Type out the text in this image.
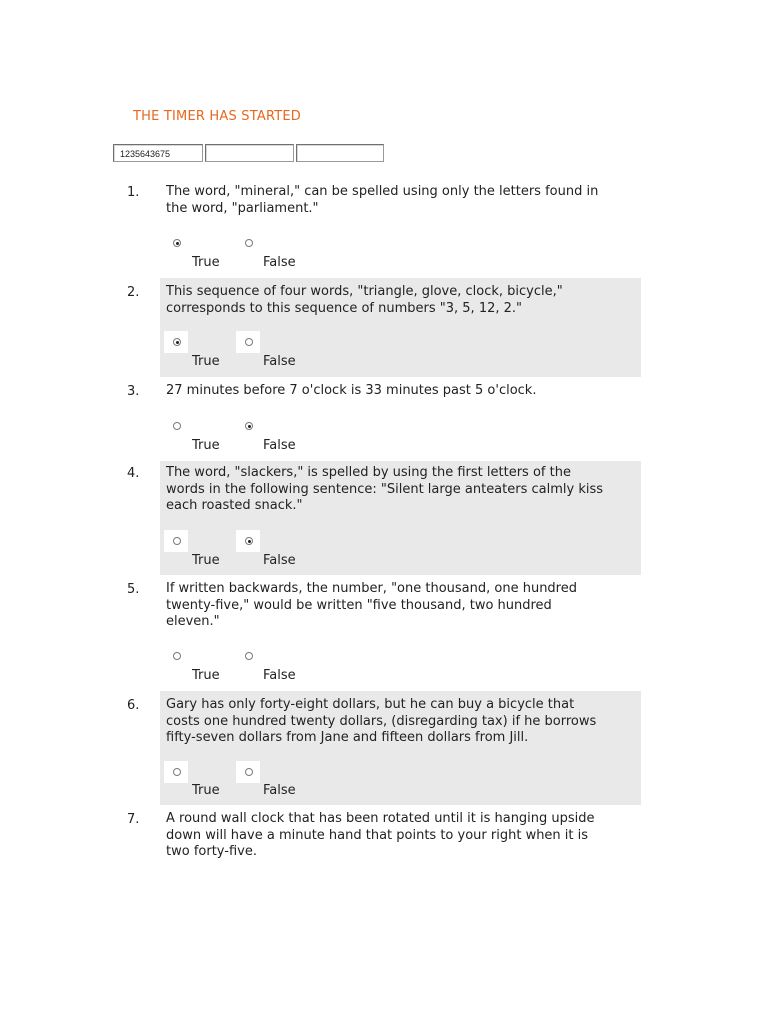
THE TIMER HAS STARTED
1235643675
1. The word, "mineral," can be spelled using only the letters found in
the word, "parliament."
True	False
2. This sequence of four words, "triangle, glove, clock, bicycle,"
corresponds to this sequence of numbers "3, 5, 12, 2."
True	False
3. 27 minutes before 7 o'clock is 33 minutes past 5 o'clock.
True	False
4. The word, "slackers," is spelled by using the first letters of the
words in the following sentence: "Silent large anteaters calmly kiss
each roasted snack."
True	False
5. If written backwards, the number, "one thousand, one hundred
twenty-five," would be written "five thousand, two hundred
eleven."
True	False
6. Gary has only forty-eight dollars, but he can buy a bicycle that
costs one hundred twenty dollars, (disregarding tax) if he borrows
fifty-seven dollars from Jane and fifteen dollars from Jill.
True	False
7. A round wall clock that has been rotated until it is hanging upside
down will have a minute hand that points to your right when it is
two forty-five.
